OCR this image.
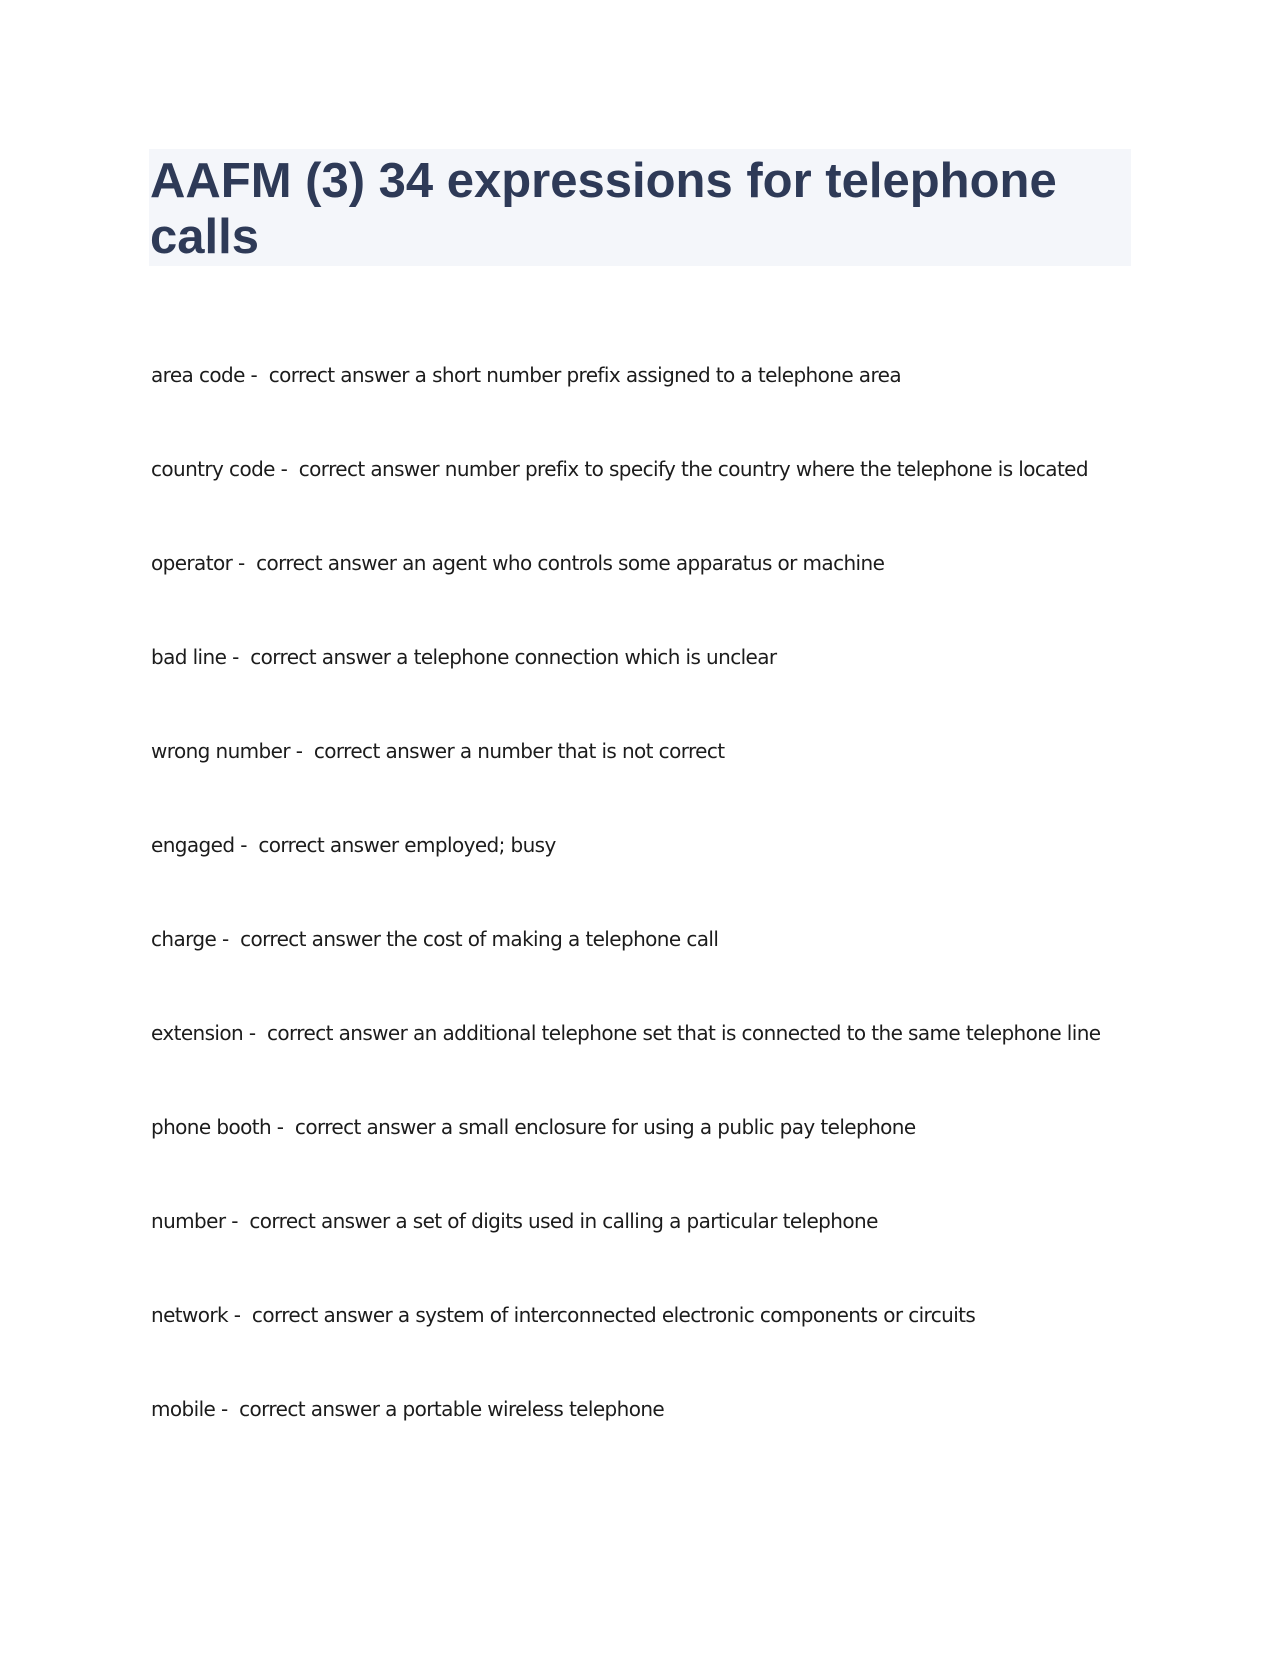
AAFM (3) 34 expressions for telephone calls
area code -  correct answer a short number prefix assigned to a telephone area
country code -  correct answer number prefix to specify the country where the telephone is located
operator -  correct answer an agent who controls some apparatus or machine
bad line -  correct answer a telephone connection which is unclear
wrong number -  correct answer a number that is not correct
engaged -  correct answer employed; busy
charge -  correct answer the cost of making a telephone call
extension -  correct answer an additional telephone set that is connected to the same telephone line
phone booth -  correct answer a small enclosure for using a public pay telephone
number -  correct answer a set of digits used in calling a particular telephone
network -  correct answer a system of interconnected electronic components or circuits
mobile -  correct answer a portable wireless telephone
